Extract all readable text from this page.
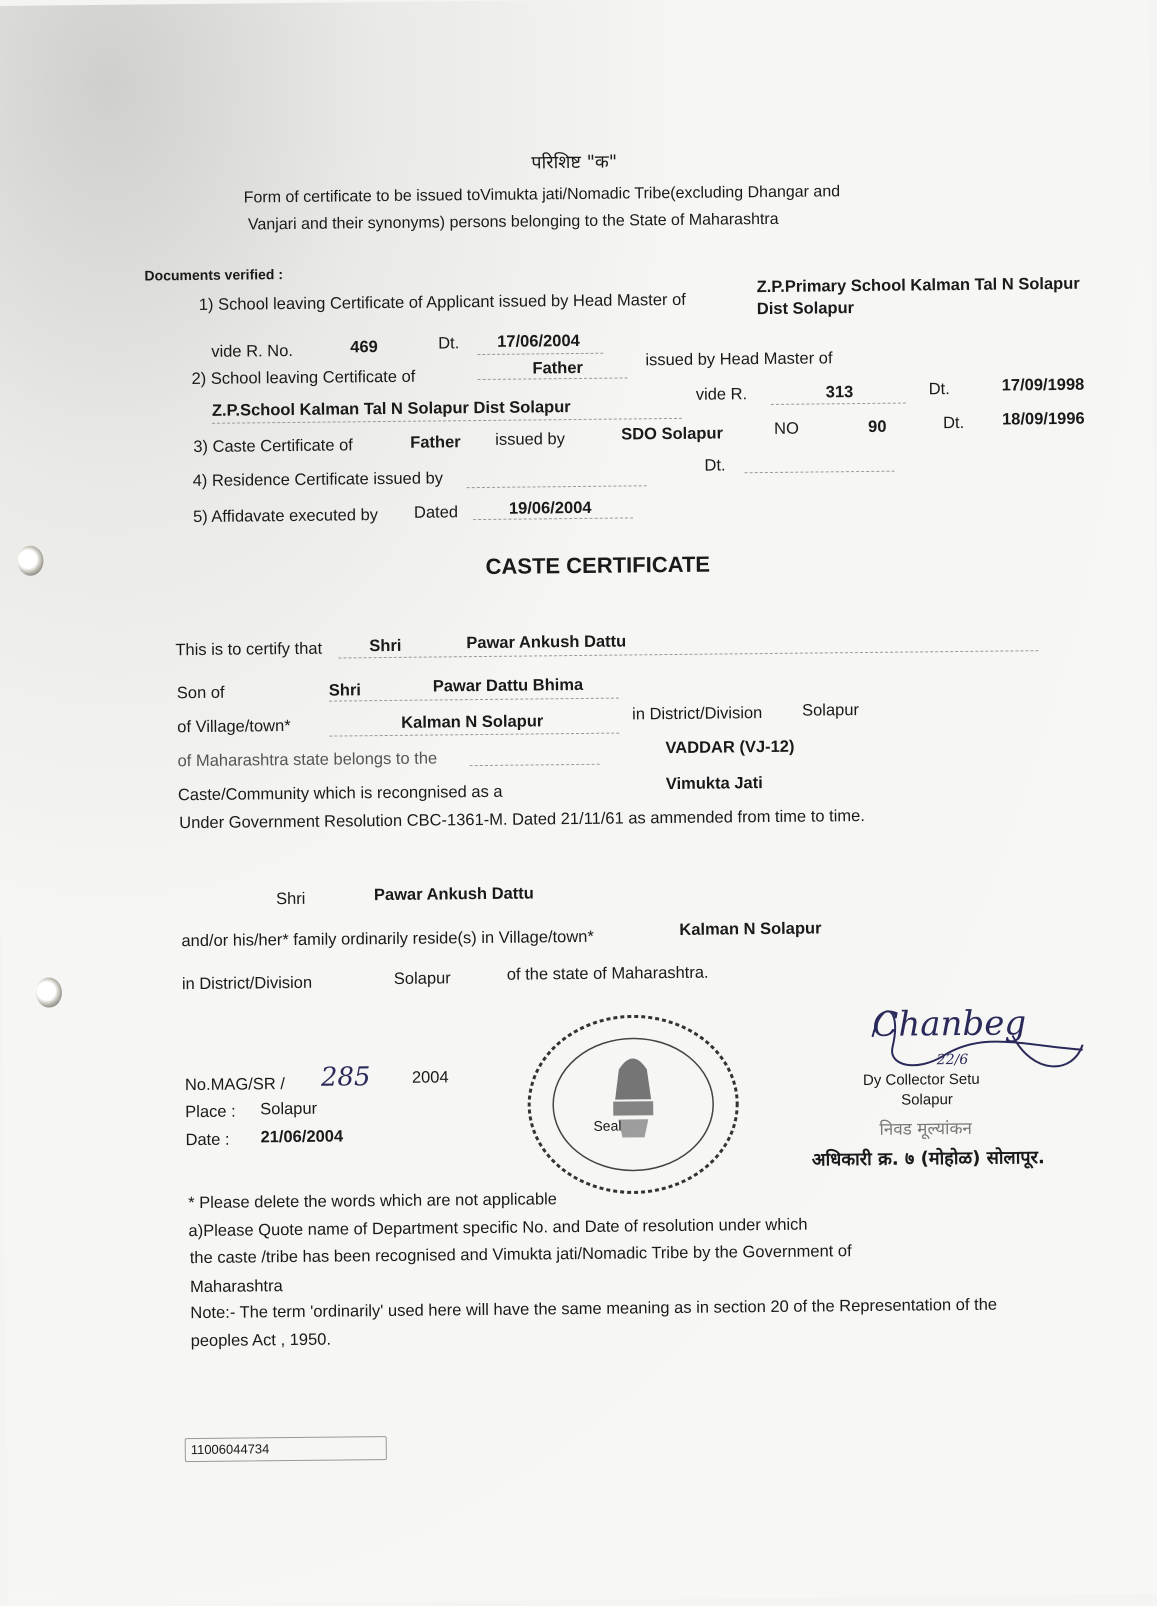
परिशिष्ट "क"
Form of certificate to be issued toVimukta jati/Nomadic Tribe(excluding Dhangar and
Vanjari and their synonyms) persons belonging to the State of Maharashtra
Documents verified :
1) School leaving Certificate of Applicant issued by Head Master of
Z.P.Primary School Kalman Tal N Solapur
Dist Solapur
vide R. No.	469	Dt. 17/06/2004
2) School leaving Certificate of	Father	issued by Head Master of
Z.P.School Kalman Tal N Solapur Dist Solapur
vide R.	313	Dt.	17/09/1998
3) Caste Certificate of	Father issued by	SDO Solapur	NO	90	Dt. 18/09/1996
4) Residence Certificate issued by
Dt.
5) Affidavate executed by Dated	19/06/2004
CASTE CERTIFICATE
This is to certify that	Shri	Pawar Ankush Dattu
Son of	Shri	Pawar Dattu Bhima
of Village/town*	Kalman N Solapur	in District/Division Solapur
of Maharashtra state belongs to the
VADDAR (VJ-12)
Caste/Community which is recongnised as a	Vimukta Jati
Under Government Resolution CBC-1361-M. Dated 21/11/61 as ammended from time to time.
Shri	Pawar Ankush Dattu
and/or his/her* family ordinarily reside(s) in Village/town*	Kalman N Solapur
in District/Division	Solapur	of the state of Maharashtra.
No.MAG/SR / 285 2004
Place : Solapur
Date : 21/06/2004
Seal
Chanbeg
22/6
Dy Collector Setu
Solapur
निवड मूल्यांकन
अधिकारी क्र. ७ (मोहोळ) सोलापूर.
* Please delete the words which are not applicable
a)Please Quote name of Department specific No. and Date of resolution under which
the caste /tribe has been recognised and Vimukta jati/Nomadic Tribe by the Government of
Maharashtra
Note:- The term 'ordinarily' used here will have the same meaning as in section 20 of the Representation of the
peoples Act , 1950.
11006044734
